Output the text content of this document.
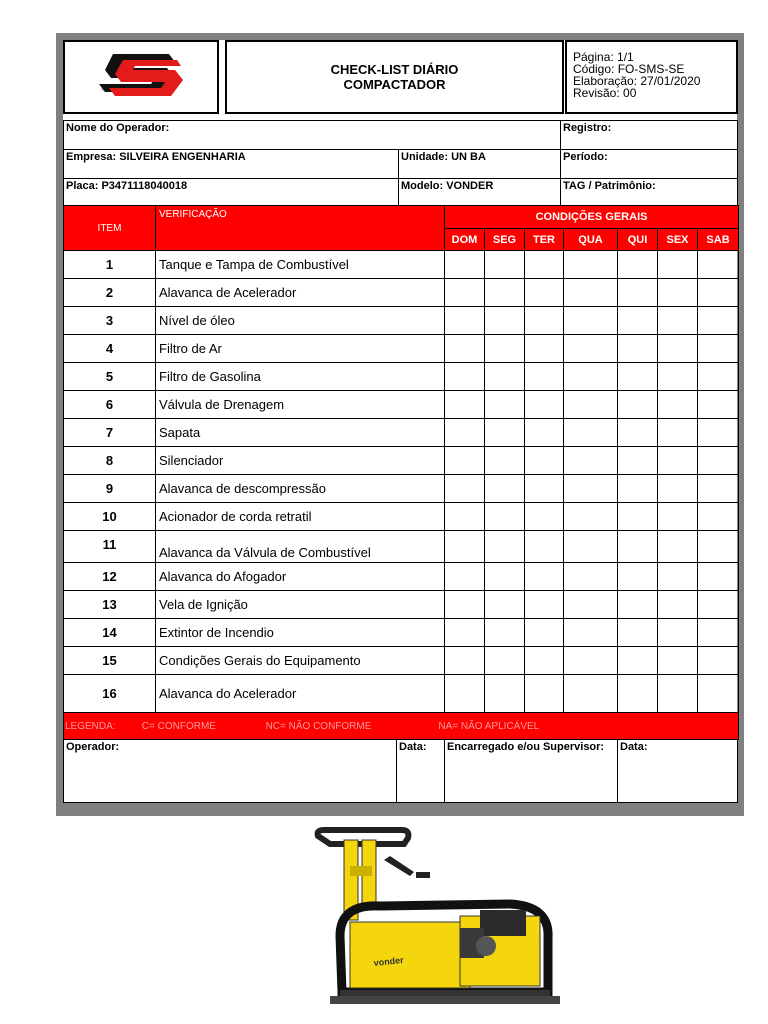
CHECK-LIST DIÁRIO
COMPACTADOR
Página: 1/1
Código: FO-SMS-SE
Elaboração: 27/01/2020
Revisão: 00
Nome do Operador:		Registro:
Empresa: SILVEIRA ENGENHARIA	Unidade: UN BA	Período:
Placa: P3471118040018	Modelo: VONDER	TAG / Patrimônio:
ITEM	VERIFICAÇÃO	CONDIÇÕES GERAIS						
		DOM	SEG	TER	QUA	QUI	SEX	SAB
1	Tanque e Tampa de Combustível							
2	Alavanca de Acelerador							
3	Nível de óleo							
4	Filtro de Ar							
5	Filtro de Gasolina							
6	Válvula de Drenagem							
7	Sapata							
8	Silenciador							
9	Alavanca de descompressão							
10	Acionador de corda retratil							
11	Alavanca da Válvula de Combustível							
12	Alavanca do Afogador							
13	Vela de Ignição							
14	Extintor de Incendio							
15	Condições Gerais do Equipamento							
16	Alavanca do Acelerador							
LEGENDA: C= CONFORME NC= NÃO CONFORME NA= NÃO APLICÁVEL								
Operador:	Data:	Encarregado e/ou Supervisor:	Data:
vonder
